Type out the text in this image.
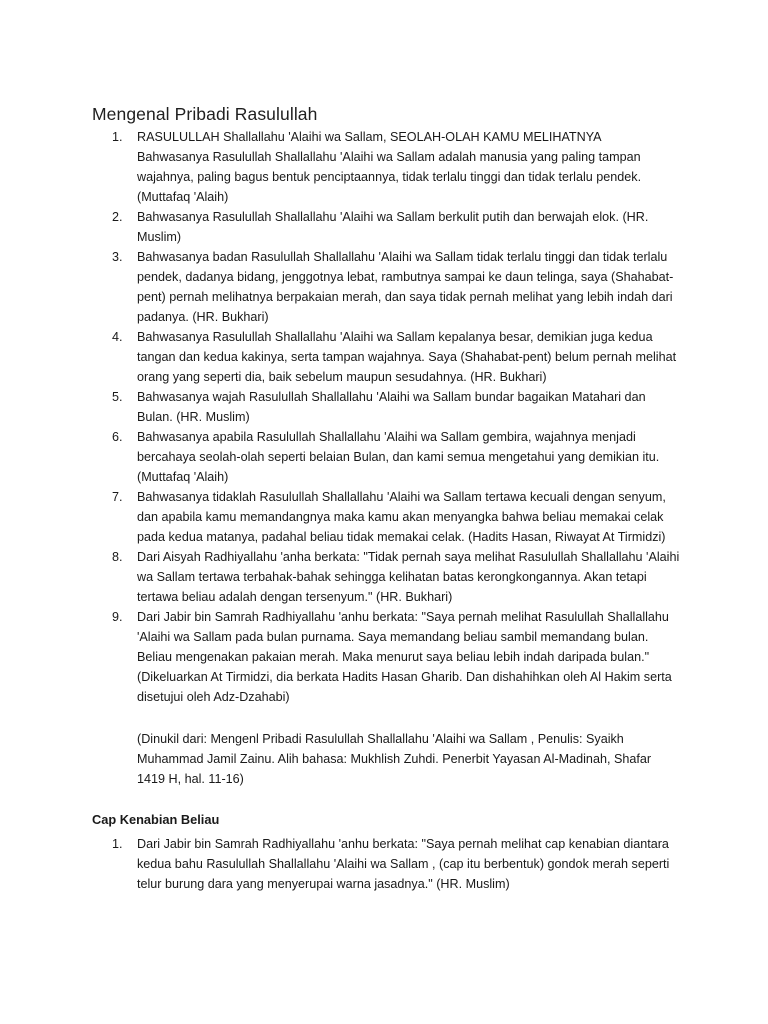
Mengenal Pribadi Rasulullah
1. RASULULLAH Shallallahu 'Alaihi wa Sallam, SEOLAH-OLAH KAMU MELIHATNYA

Bahwasanya Rasulullah Shallallahu 'Alaihi wa Sallam adalah manusia yang paling tampan wajahnya, paling bagus bentuk penciptaannya, tidak terlalu tinggi dan tidak terlalu pendek. (Muttafaq 'Alaih)

2. Bahwasanya Rasulullah Shallallahu 'Alaihi wa Sallam berkulit putih dan berwajah elok. (HR. Muslim)

3. Bahwasanya badan Rasulullah Shallallahu 'Alaihi wa Sallam tidak terlalu tinggi dan tidak terlalu pendek, dadanya bidang, jenggotnya lebat, rambutnya sampai ke daun telinga, saya (Shahabat-pent) pernah melihatnya berpakaian merah, dan saya tidak pernah melihat yang lebih indah dari padanya. (HR. Bukhari)

4. Bahwasanya Rasulullah Shallallahu 'Alaihi wa Sallam kepalanya besar, demikian juga kedua tangan dan kedua kakinya, serta tampan wajahnya. Saya (Shahabat-pent) belum pernah melihat orang yang seperti dia, baik sebelum maupun sesudahnya. (HR. Bukhari)

5. Bahwasanya wajah Rasulullah Shallallahu 'Alaihi wa Sallam bundar bagaikan Matahari dan Bulan. (HR. Muslim)

6. Bahwasanya apabila Rasulullah Shallallahu 'Alaihi wa Sallam gembira, wajahnya menjadi bercahaya seolah-olah seperti belaian Bulan, dan kami semua mengetahui yang demikian itu. (Muttafaq 'Alaih)

7. Bahwasanya tidaklah Rasulullah Shallallahu 'Alaihi wa Sallam tertawa kecuali dengan senyum, dan apabila kamu memandangnya maka kamu akan menyangka bahwa beliau memakai celak pada kedua matanya, padahal beliau tidak memakai celak. (Hadits Hasan, Riwayat At Tirmidzi)

8. Dari Aisyah Radhiyallahu 'anha berkata: "Tidak pernah saya melihat Rasulullah Shallallahu 'Alaihi wa Sallam tertawa terbahak-bahak sehingga kelihatan batas kerongkongannya. Akan tetapi tertawa beliau adalah dengan tersenyum." (HR. Bukhari)

9. Dari Jabir bin Samrah Radhiyallahu 'anhu berkata: "Saya pernah melihat Rasulullah Shallallahu 'Alaihi wa Sallam pada bulan purnama. Saya memandang beliau sambil memandang bulan. Beliau mengenakan pakaian merah. Maka menurut saya beliau lebih indah daripada bulan." (Dikeluarkan At Tirmidzi, dia berkata Hadits Hasan Gharib. Dan dishahihkan oleh Al Hakim serta disetujui oleh Adz-Dzahabi)

(Dinukil dari: Mengenl Pribadi Rasulullah Shallallahu 'Alaihi wa Sallam , Penulis: Syaikh Muhammad Jamil Zainu. Alih bahasa: Mukhlish Zuhdi. Penerbit Yayasan Al-Madinah, Shafar 1419 H, hal. 11-16)
Cap Kenabian Beliau
1. Dari Jabir bin Samrah Radhiyallahu 'anhu berkata: "Saya pernah melihat cap kenabian diantara kedua bahu Rasulullah Shallallahu 'Alaihi wa Sallam , (cap itu berbentuk) gondok merah seperti telur burung dara yang menyerupai warna jasadnya." (HR. Muslim)
